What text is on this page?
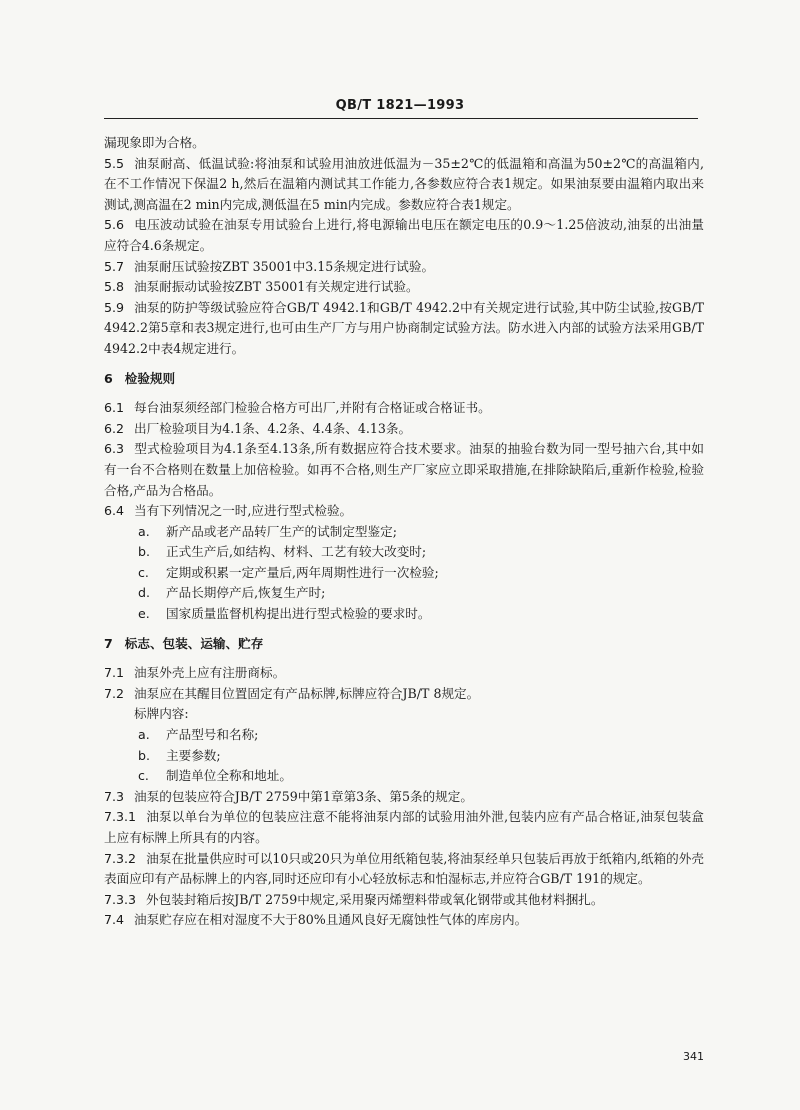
QB/T 1821—1993

漏现象即为合格。

5.5 油泵耐高、低温试验:将油泵和试验用油放进低温为－35±2℃的低温箱和高温为50±2℃的高温箱内,在不工作情况下保温2 h,然后在温箱内测试其工作能力,各参数应符合表1规定。如果油泵要由温箱内取出来测试,测高温在2 min内完成,测低温在5 min内完成。参数应符合表1规定。

5.6 电压波动试验在油泵专用试验台上进行,将电源输出电压在额定电压的0.9～1.25倍波动,油泵的出油量应符合4.6条规定。

5.7 油泵耐压试验按ZBT 35001中3.15条规定进行试验。

5.8 油泵耐振动试验按ZBT 35001有关规定进行试验。

5.9 油泵的防护等级试验应符合GB/T 4942.1和GB/T 4942.2中有关规定进行试验,其中防尘试验,按GB/T 4942.2第5章和表3规定进行,也可由生产厂方与用户协商制定试验方法。防水进入内部的试验方法采用GB/T 4942.2中表4规定进行。

6 检验规则

6.1 每台油泵须经部门检验合格方可出厂,并附有合格证或合格证书。

6.2 出厂检验项目为4.1条、4.2条、4.4条、4.13条。

6.3 型式检验项目为4.1条至4.13条,所有数据应符合技术要求。油泵的抽验台数为同一型号抽六台,其中如有一台不合格则在数量上加倍检验。如再不合格,则生产厂家应立即采取措施,在排除缺陷后,重新作检验,检验合格,产品为合格品。

6.4 当有下列情况之一时,应进行型式检验。

a. 新产品或老产品转厂生产的试制定型鉴定;
b. 正式生产后,如结构、材料、工艺有较大改变时;
c. 定期或积累一定产量后,两年周期性进行一次检验;
d. 产品长期停产后,恢复生产时;
e. 国家质量监督机构提出进行型式检验的要求时。
7 标志、包装、运输、贮存

7.1 油泵外壳上应有注册商标。

7.2 油泵应在其醒目位置固定有产品标牌,标牌应符合JB/T 8规定。

标牌内容:

a. 产品型号和名称;
b. 主要参数;
c. 制造单位全称和地址。

7.3 油泵的包装应符合JB/T 2759中第1章第3条、第5条的规定。

7.3.1 油泵以单台为单位的包装应注意不能将油泵内部的试验用油外泄,包装内应有产品合格证,油泵包装盒上应有标牌上所具有的内容。

7.3.2 油泵在批量供应时可以10只或20只为单位用纸箱包装,将油泵经单只包装后再放于纸箱内,纸箱的外壳表面应印有产品标牌上的内容,同时还应印有小心轻放标志和怕湿标志,并应符合GB/T 191的规定。

7.3.3 外包装封箱后按JB/T 2759中规定,采用聚丙烯塑料带或氧化钢带或其他材料捆扎。

7.4 油泵贮存应在相对湿度不大于80%且通风良好无腐蚀性气体的库房内。

341
